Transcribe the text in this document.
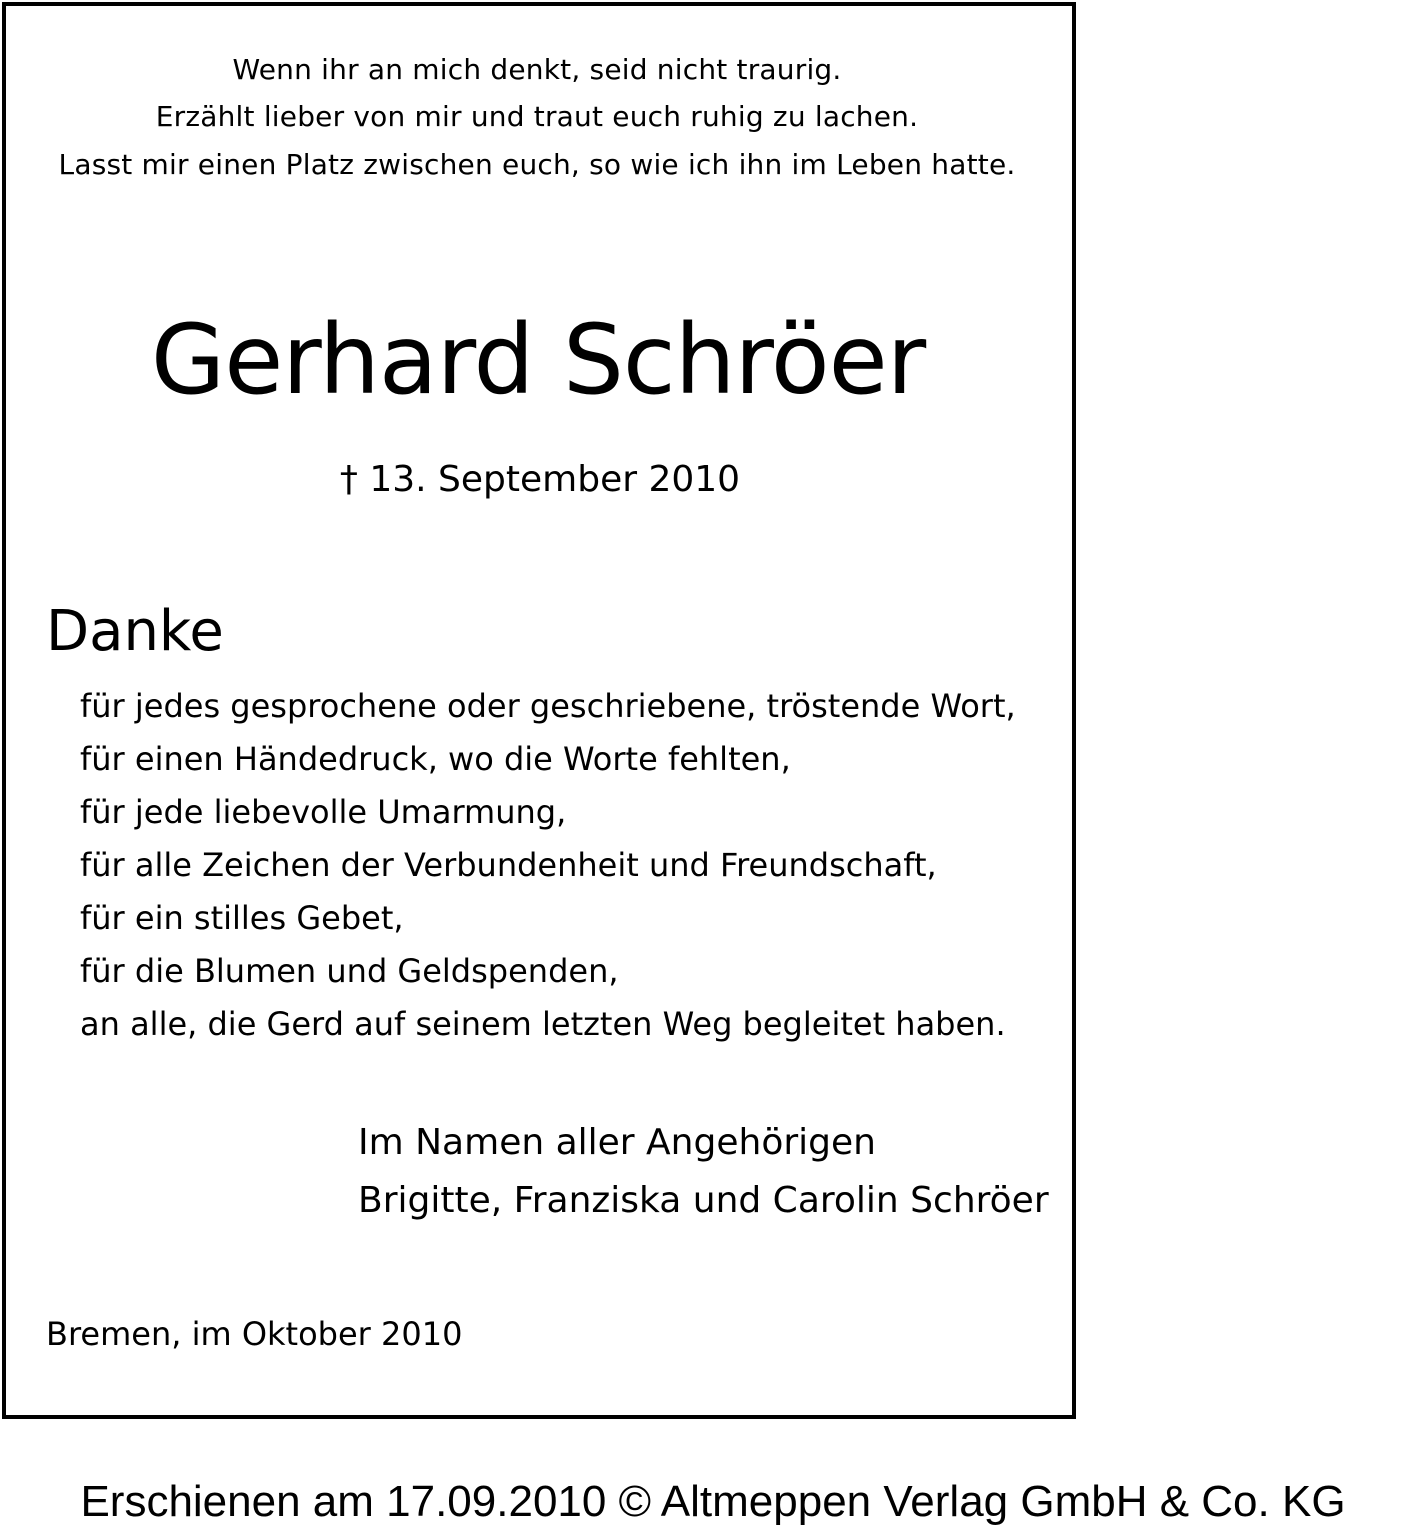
Wenn ihr an mich denkt, seid nicht traurig.
Erzählt lieber von mir und traut euch ruhig zu lachen.
Lasst mir einen Platz zwischen euch, so wie ich ihn im Leben hatte.
Gerhard Schröer
† 13. September 2010
Danke
für jedes gesprochene oder geschriebene, tröstende Wort,
für einen Händedruck, wo die Worte fehlten,
für jede liebevolle Umarmung,
für alle Zeichen der Verbundenheit und Freundschaft,
für ein stilles Gebet,
für die Blumen und Geldspenden,
an alle, die Gerd auf seinem letzten Weg begleitet haben.
Im Namen aller Angehörigen
Brigitte, Franziska und Carolin Schröer
Bremen, im Oktober 2010
Erschienen am 17.09.2010 © Altmeppen Verlag GmbH & Co. KG
